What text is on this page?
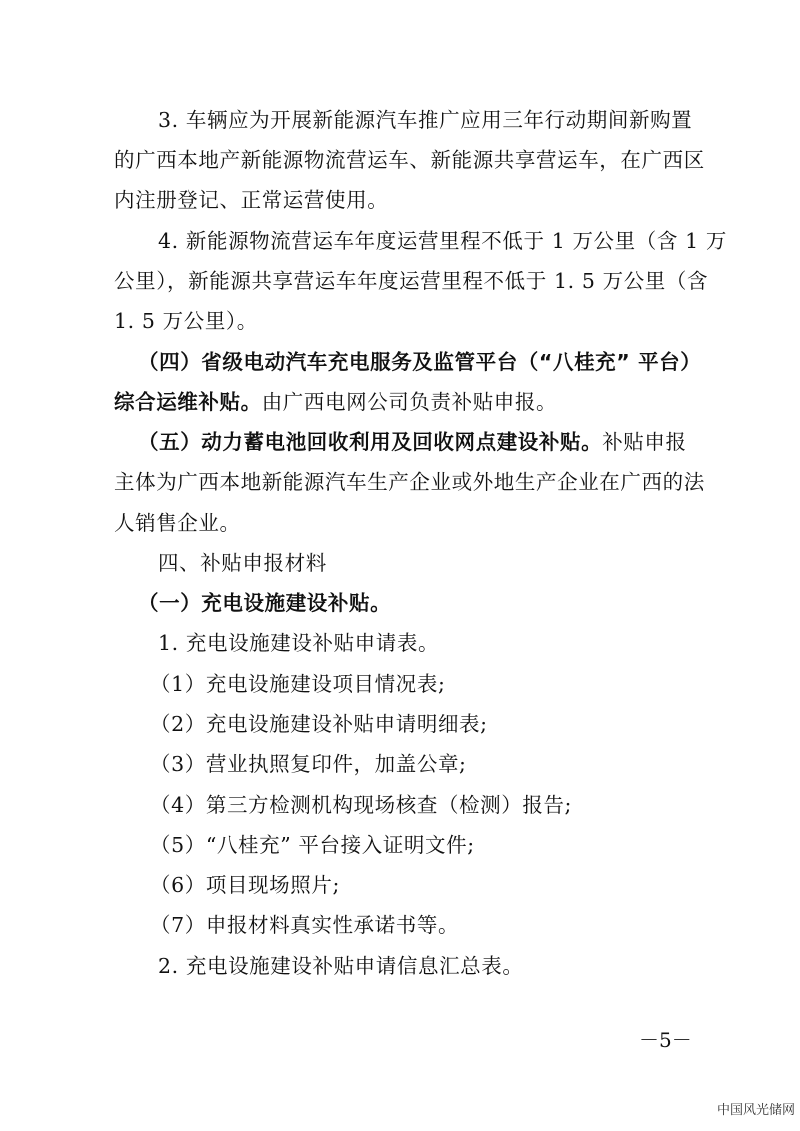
3. 车辆应为开展新能源汽车推广应用三年行动期间新购置
的广西本地产新能源物流营运车、新能源共享营运车，在广西区
内注册登记、正常运营使用。
4. 新能源物流营运车年度运营里程不低于 1 万公里（含 1 万
公里），新能源共享营运车年度运营里程不低于 1. 5 万公里（含
1. 5 万公里）。
（四）省级电动汽车充电服务及监管平台（“八桂充” 平台）
综合运维补贴。由广西电网公司负责补贴申报。
（五）动力蓄电池回收利用及回收网点建设补贴。补贴申报
主体为广西本地新能源汽车生产企业或外地生产企业在广西的法
人销售企业。
四、补贴申报材料
（一）充电设施建设补贴。
1. 充电设施建设补贴申请表。
（1）充电设施建设项目情况表;
（2）充电设施建设补贴申请明细表;
（3）营业执照复印件，加盖公章;
（4）第三方检测机构现场核查（检测）报告;
（5）“八桂充” 平台接入证明文件;
（6）项目现场照片;
（7）申报材料真实性承诺书等。
2. 充电设施建设补贴申请信息汇总表。
－5－
中国风光储网
